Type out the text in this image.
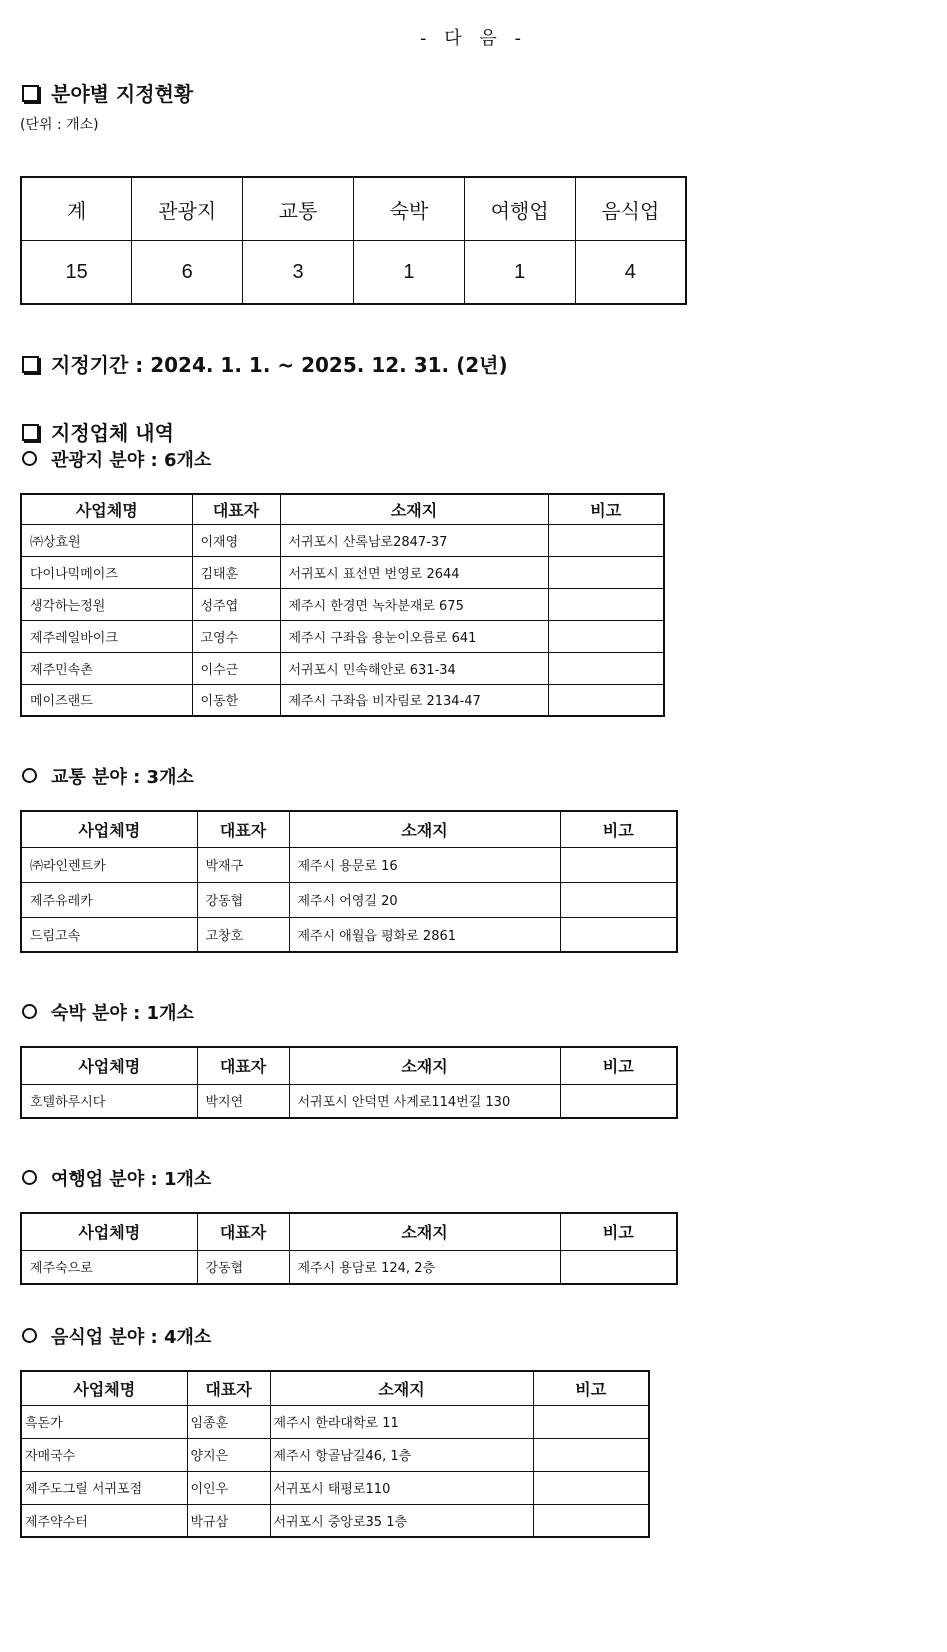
- 다 음 -
분야별 지정현황
(단위 : 개소)
계	관광지	교통	숙박	여행업	음식업
15	6	3	1	1	4
지정기간 : 2024. 1. 1. ~ 2025. 12. 31. (2년)
지정업체 내역
관광지 분야 : 6개소
사업체명	대표자	소재지	비고
㈜상효원	이재영	서귀포시 산록남로2847-37	
다이나믹메이즈	김태훈	서귀포시 표선면 번영로 2644	
생각하는정원	성주엽	제주시 한경면 녹차분재로 675	
제주레일바이크	고영수	제주시 구좌읍 용눈이오름로 641	
제주민속촌	이수근	서귀포시 민속해안로 631-34	
메이즈랜드	이동한	제주시 구좌읍 비자림로 2134-47	
교통 분야 : 3개소
사업체명	대표자	소재지	비고
㈜라인렌트카	박재구	제주시 용문로 16	
제주유레카	강동협	제주시 어영길 20	
드림고속	고창호	제주시 애월읍 평화로 2861	
숙박 분야 : 1개소
사업체명	대표자	소재지	비고
호텔하루시다	박지연	서귀포시 안덕면 사계로114번길 130	
여행업 분야 : 1개소
사업체명	대표자	소재지	비고
제주숙으로	강동협	제주시 용담로 124, 2층	
음식업 분야 : 4개소
사업체명	대표자	소재지	비고
흑돈가	임종훈	제주시 한라대학로 11	
자매국수	양지은	제주시 항골남길46, 1층	
제주도그릴 서귀포점	이인우	서귀포시 태평로110	
제주약수터	박규삼	서귀포시 중앙로35 1층	
